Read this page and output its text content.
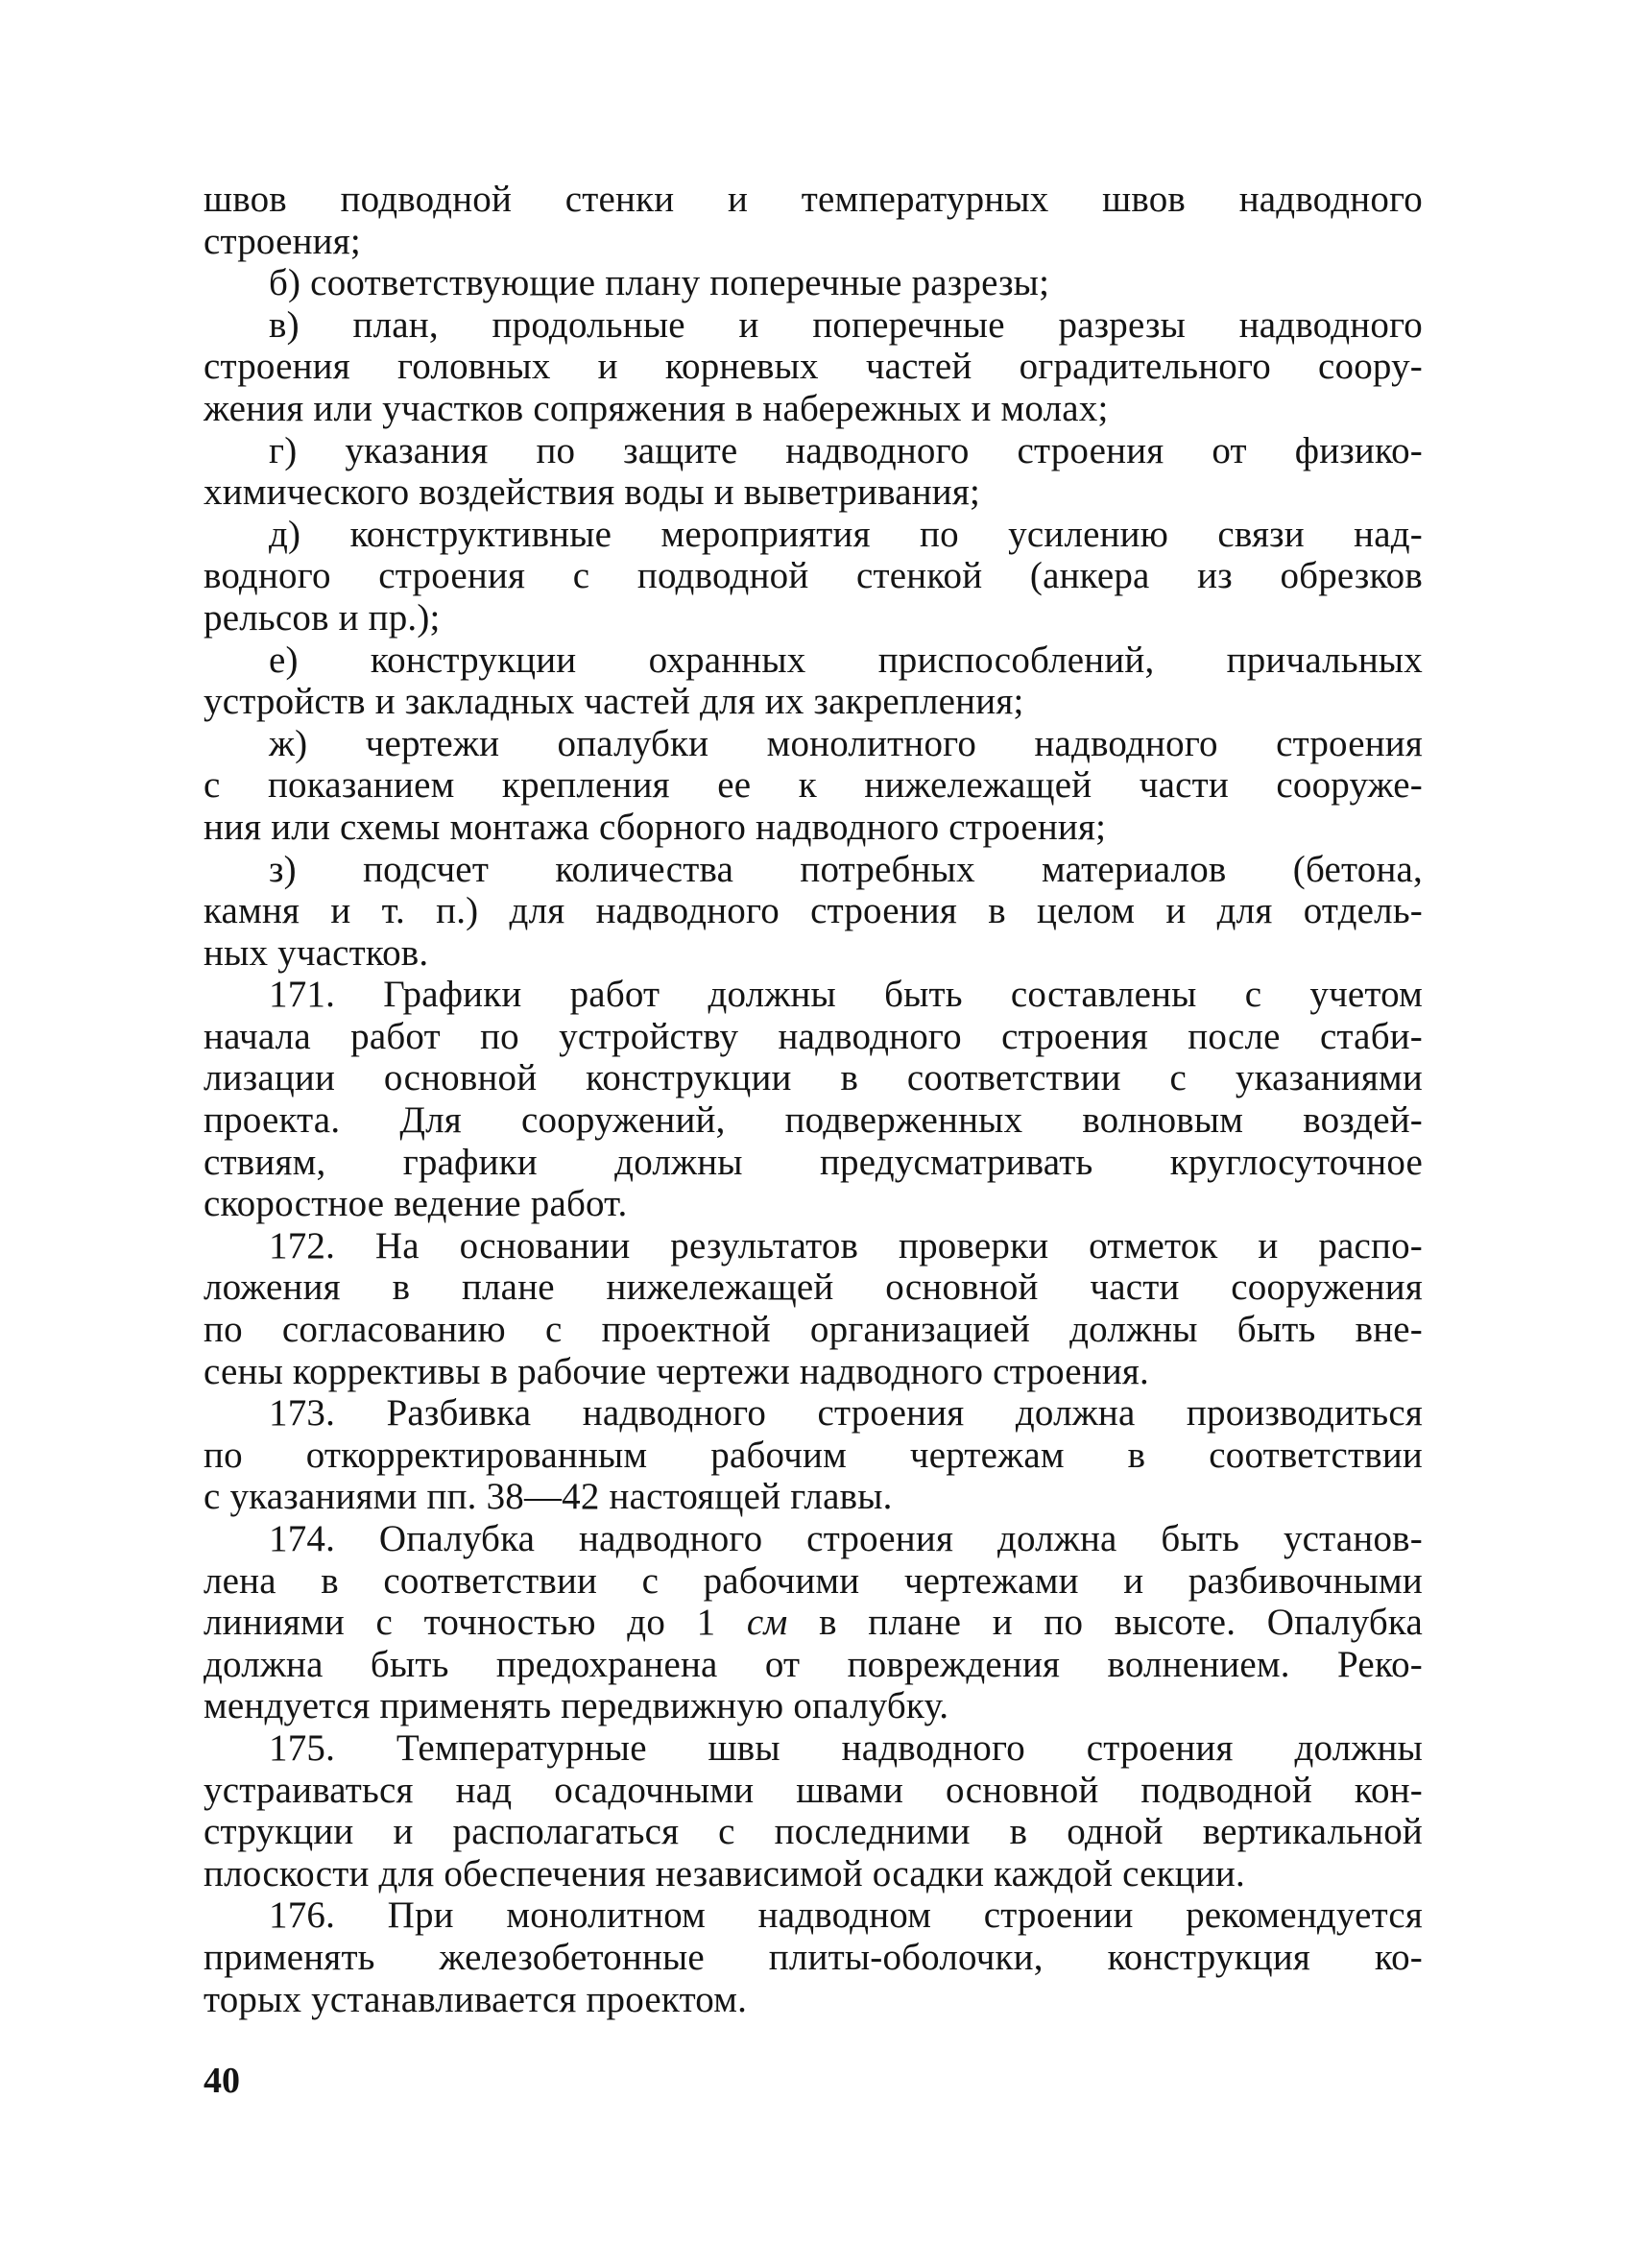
швов подводной стенки и температурных швов надводного
строения;

б) соответствующие плану поперечные разрезы;

в) план, продольные и поперечные разрезы надводного
строения головных и корневых частей оградительного соору-
жения или участков сопряжения в набережных и молах;

г) указания по защите надводного строения от физико-
химического воздействия воды и выветривания;

д) конструктивные мероприятия по усилению связи над-
водного строения с подводной стенкой (анкера из обрезков
рельсов и пр.);

е) конструкции охранных приспособлений, причальных
устройств и закладных частей для их закрепления;

ж) чертежи опалубки монолитного надводного строения
с показанием крепления ее к нижележащей части сооруже-
ния или схемы монтажа сборного надводного строения;

з) подсчет количества потребных материалов (бетона,
камня и т. п.) для надводного строения в целом и для отдель-
ных участков.

171. Графики работ должны быть составлены с учетом
начала работ по устройству надводного строения после стаби-
лизации основной конструкции в соответствии с указаниями
проекта. Для сооружений, подверженных волновым воздей-
ствиям, графики должны предусматривать круглосуточное
скоростное ведение работ.

172. На основании результатов проверки отметок и распо-
ложения в плане нижележащей основной части сооружения
по согласованию с проектной организацией должны быть вне-
сены коррективы в рабочие чертежи надводного строения.

173. Разбивка надводного строения должна производиться
по откорректированным рабочим чертежам в соответствии
с указаниями пп. 38—42 настоящей главы.

174. Опалубка надводного строения должна быть установ-
лена в соответствии с рабочими чертежами и разбивочными
линиями с точностью до 1 см в плане и по высоте. Опалубка
должна быть предохранена от повреждения волнением. Реко-
мендуется применять передвижную опалубку.

175. Температурные швы надводного строения должны
устраиваться над осадочными швами основной подводной кон-
струкции и располагаться с последними в одной вертикальной
плоскости для обеспечения независимой осадки каждой секции.

176. При монолитном надводном строении рекомендуется
применять железобетонные плиты-оболочки, конструкция ко-
торых устанавливается проектом.

40
